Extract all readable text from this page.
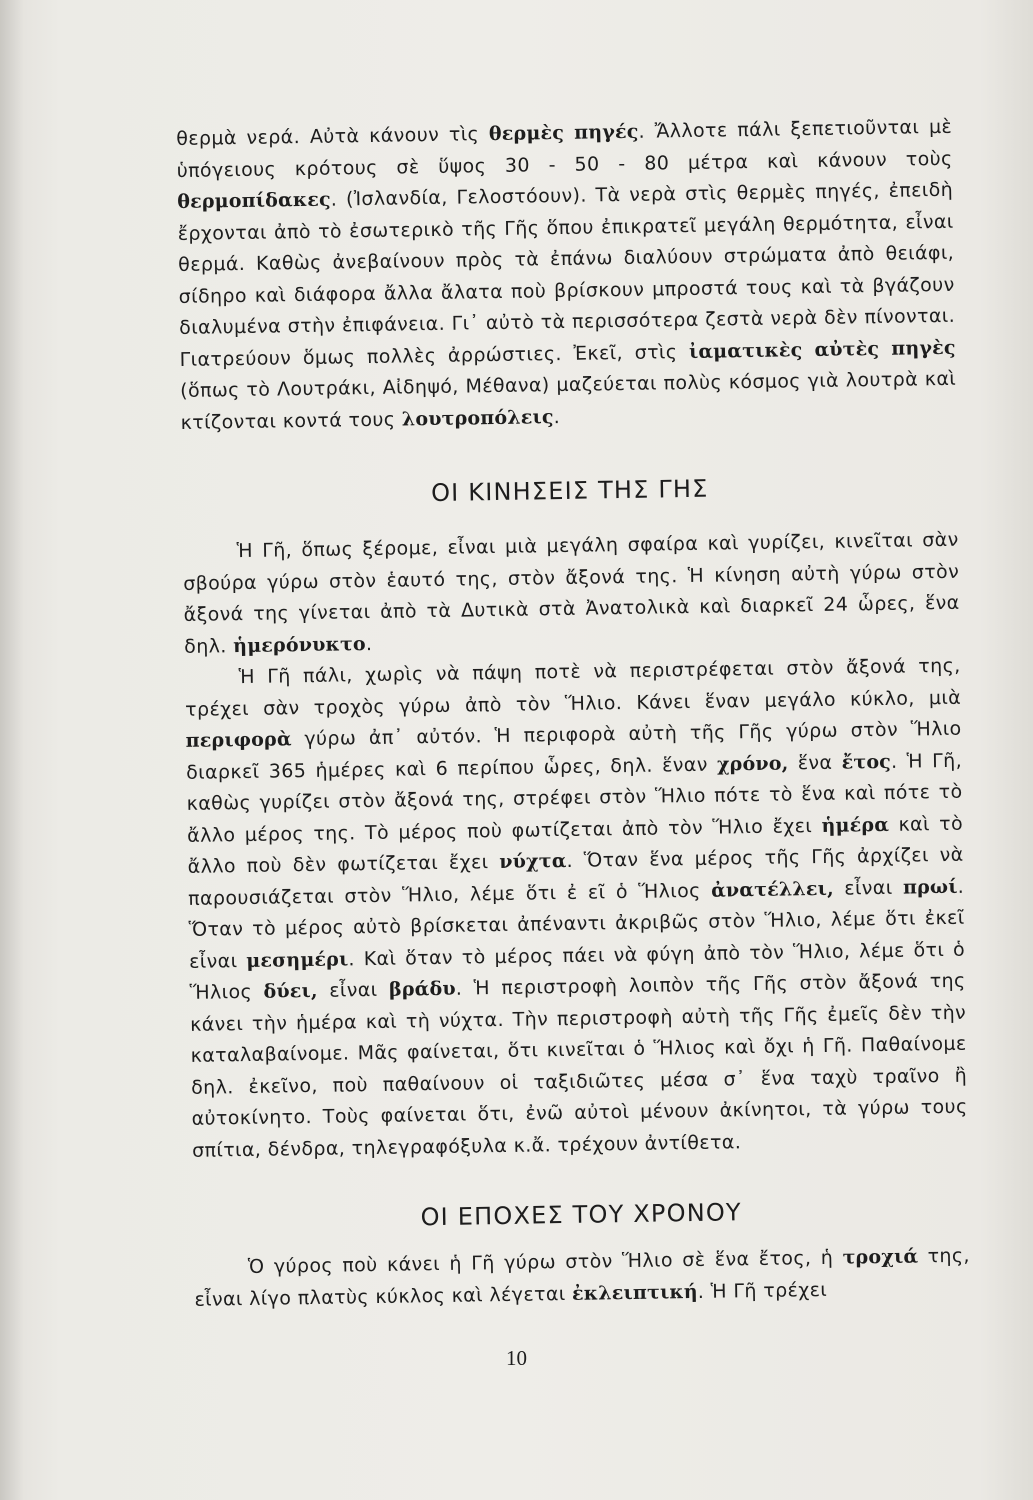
θερμὰ νερά. Αὐτὰ κάνουν τὶς θερμὲς πηγές. Ἄλλοτε πάλι ξεπετιοῦνται μὲ ὑπόγειους κρότους σὲ ὕψος 30 - 50 - 80 μέτρα καὶ κάνουν τοὺς θερμοπίδακες. (Ἰσλανδία, Γελοστόουν). Τὰ νερὰ στὶς θερμὲς πηγές, ἐπειδὴ ἔρχονται ἀπὸ τὸ ἐσωτερικὸ τῆς Γῆς ὅπου ἐπικρατεῖ μεγάλη θερμότητα, εἶναι θερμά. Καθὼς ἀνεβαίνουν πρὸς τὰ ἐπάνω διαλύουν στρώματα ἀπὸ θειάφι, σίδηρο καὶ διάφορα ἄλλα ἄλατα ποὺ βρίσκουν μπροστά τους καὶ τὰ βγάζουν διαλυμένα στὴν ἐπιφάνεια. Γι᾽ αὐτὸ τὰ περισσότερα ζεστὰ νερὰ δὲν πίνονται. Γιατρεύουν ὅμως πολλὲς ἀρρώστιες. Ἐκεῖ, στὶς ἰαματικὲς αὐτὲς πηγὲς (ὅπως τὸ Λουτράκι, Αἰδηψό, Μέθανα) μαζεύεται πολὺς κόσμος γιὰ λουτρὰ καὶ κτίζονται κοντά τους λουτροπόλεις.

ΟΙ ΚΙΝΗΣΕΙΣ ΤΗΣ ΓΗΣ

Ἡ Γῆ, ὅπως ξέρομε, εἶναι μιὰ μεγάλη σφαίρα καὶ γυρίζει, κινεῖται σὰν σβούρα γύρω στὸν ἑαυτό της, στὸν ἄξονά της. Ἡ κίνηση αὐτὴ γύρω στὸν ἄξονά της γίνεται ἀπὸ τὰ Δυτικὰ στὰ Ἀνατολικὰ καὶ διαρκεῖ 24 ὧρες, ἕνα δηλ. ἡμερόνυκτο.

Ἡ Γῆ πάλι, χωρὶς νὰ πάψη ποτὲ νὰ περιστρέφεται στὸν ἄξονά της, τρέχει σὰν τροχὸς γύρω ἀπὸ τὸν Ἥλιο. Κάνει ἕναν μεγάλο κύκλο, μιὰ περιφορὰ γύρω ἀπ᾽ αὐτόν. Ἡ περιφορὰ αὐτὴ τῆς Γῆς γύρω στὸν Ἥλιο διαρκεῖ 365 ἡμέρες καὶ 6 περίπου ὧρες, δηλ. ἕναν χρόνο, ἕνα ἔτος. Ἡ Γῆ, καθὼς γυρίζει στὸν ἄξονά της, στρέφει στὸν Ἥλιο πότε τὸ ἕνα καὶ πότε τὸ ἄλλο μέρος της. Τὸ μέρος ποὺ φωτίζεται ἀπὸ τὸν Ἥλιο ἔχει ἡμέρα καὶ τὸ ἄλλο ποὺ δὲν φωτίζεται ἔχει νύχτα. Ὅταν ἕνα μέρος τῆς Γῆς ἀρχίζει νὰ παρουσιάζεται στὸν Ἥλιο, λέμε ὅτι ἐ εῖ ὁ Ἥλιος ἀνατέλλει, εἶναι πρωί. Ὅταν τὸ μέρος αὐτὸ βρίσκεται ἀπέναντι ἀκριβῶς στὸν Ἥλιο, λέμε ὅτι ἐκεῖ εἶναι μεσημέρι. Καὶ ὅταν τὸ μέρος πάει νὰ φύγη ἀπὸ τὸν Ἥλιο, λέμε ὅτι ὁ Ἥλιος δύει, εἶναι βράδυ. Ἡ περιστροφὴ λοιπὸν τῆς Γῆς στὸν ἄξονά της κάνει τὴν ἡμέρα καὶ τὴ νύχτα. Τὴν περιστροφὴ αὐτὴ τῆς Γῆς ἐμεῖς δὲν τὴν καταλαβαίνομε. Μᾶς φαίνεται, ὅτι κινεῖται ὁ Ἥλιος καὶ ὄχι ἡ Γῆ. Παθαίνομε δηλ. ἐκεῖνο, ποὺ παθαίνουν οἱ ταξιδιῶτες μέσα σ᾽ ἕνα ταχὺ τραῖνο ἢ αὐτοκίνητο. Τοὺς φαίνεται ὅτι, ἐνῶ αὐτοὶ μένουν ἀκίνητοι, τὰ γύρω τους σπίτια, δένδρα, τηλεγραφόξυλα κ.ἄ. τρέχουν ἀντίθετα.

ΟΙ ΕΠΟΧΕΣ ΤΟΥ ΧΡΟΝΟΥ

Ὁ γύρος ποὺ κάνει ἡ Γῆ γύρω στὸν Ἥλιο σὲ ἕνα ἔτος, ἡ τροχιά της, εἶναι λίγο πλατὺς κύκλος καὶ λέγεται ἐκλειπτική. Ἡ Γῆ τρέχει

10
